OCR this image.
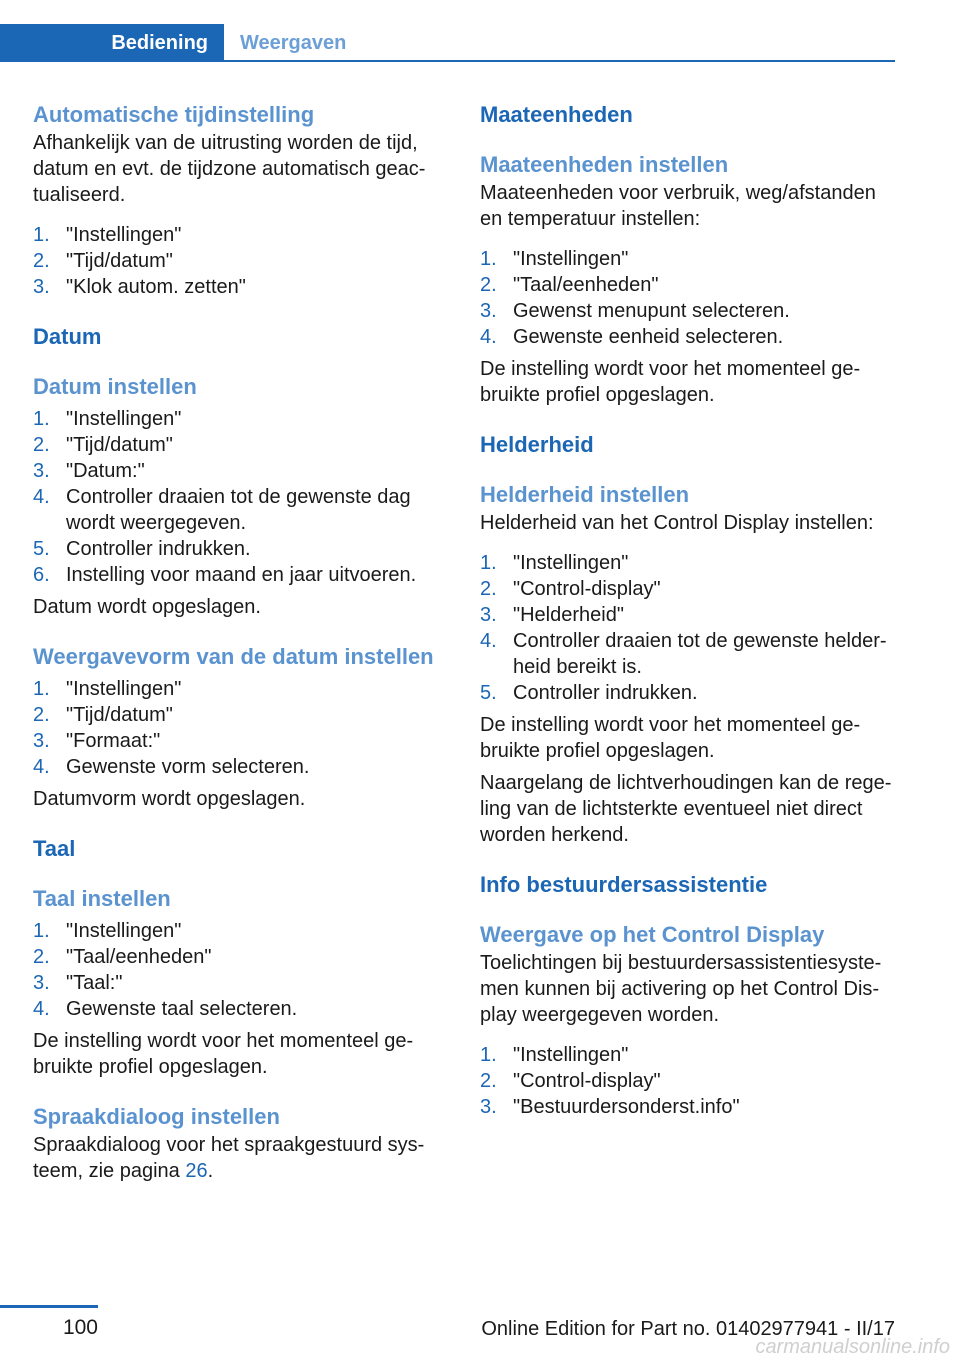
Bediening	Weergaven
Automatische tijdinstelling

Afhankelijk van de uitrusting worden de tijd, datum en evt. de tijdzone automatisch geactualiseerd.

1. "Instellingen"
2. "Tijd/datum"
3. "Klok autom. zetten"
Datum
Datum instellen
1. "Instellingen"
2. "Tijd/datum"
3. "Datum:"
4. Controller draaien tot de gewenste dag wordt weergegeven.
5. Controller indrukken.
6. Instelling voor maand en jaar uitvoeren.

Datum wordt opgeslagen.

Weergavevorm van de datum instellen
1. "Instellingen"
2. "Tijd/datum"
3. "Formaat:"
4. Gewenste vorm selecteren.

Datumvorm wordt opgeslagen.

Taal
Taal instellen
1. "Instellingen"
2. "Taal/eenheden"
3. "Taal:"
4. Gewenste taal selecteren.

De instelling wordt voor het momenteel gebruikte profiel opgeslagen.

Spraakdialoog instellen

Spraakdialoog voor het spraakgestuurd systeem, zie pagina 26.

Maateenheden
Maateenheden instellen

Maateenheden voor verbruik, weg/afstanden en temperatuur instellen:

1. "Instellingen"
2. "Taal/eenheden"
3. Gewenst menupunt selecteren.
4. Gewenste eenheid selecteren.

De instelling wordt voor het momenteel gebruikte profiel opgeslagen.

Helderheid
Helderheid instellen

Helderheid van het Control Display instellen:

1. "Instellingen"
2. "Control-display"
3. "Helderheid"
4. Controller draaien tot de gewenste helderheid bereikt is.
5. Controller indrukken.

De instelling wordt voor het momenteel gebruikte profiel opgeslagen.

Naargelang de lichtverhoudingen kan de regeling van de lichtsterkte eventueel niet direct worden herkend.

Info bestuurdersassistentie
Weergave op het Control Display

Toelichtingen bij bestuurdersassistentiesystemen kunnen bij activering op het Control Display weergegeven worden.

1. "Instellingen"
2. "Control-display"
3. "Bestuurdersonderst.info"
100	Online Edition for Part no. 01402977941 - II/17
carmanualsonline.info
